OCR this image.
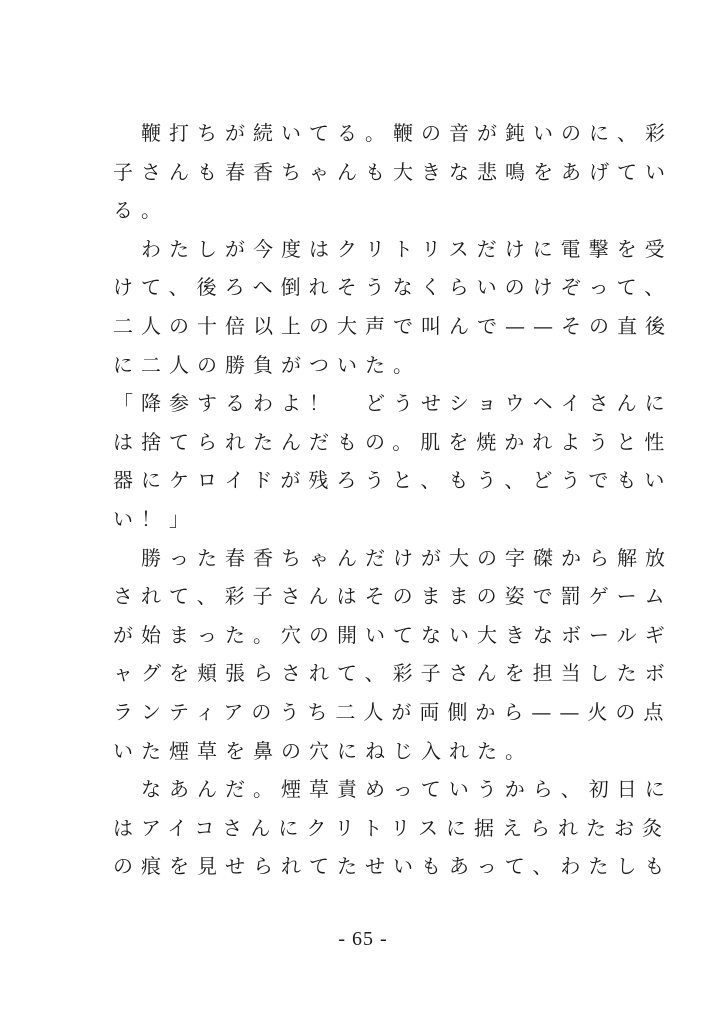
　鞭打ちが続いてる。鞭の音が鈍いのに、彩
子さんも春香ちゃんも大きな悲鳴をあげてい
る。
　わたしが今度はクリトリスだけに電撃を受
けて、後ろへ倒れそうなくらいのけぞって、
二人の十倍以上の大声で叫んで——その直後
に二人の勝負がついた。
「降参するわよ！　どうせショウヘイさんに
は捨てられたんだもの。肌を焼かれようと性
器にケロイドが残ろうと、もう、どうでもい
い！」
　勝った春香ちゃんだけが大の字磔から解放
されて、彩子さんはそのままの姿で罰ゲーム
が始まった。穴の開いてない大きなボールギ
ャグを頬張らされて、彩子さんを担当したボ
ランティアのうち二人が両側から——火の点
いた煙草を鼻の穴にねじ入れた。
　なあんだ。煙草責めっていうから、初日に
はアイコさんにクリトリスに据えられたお灸
の痕を見せられてたせいもあって、わたしも
- 65 -
